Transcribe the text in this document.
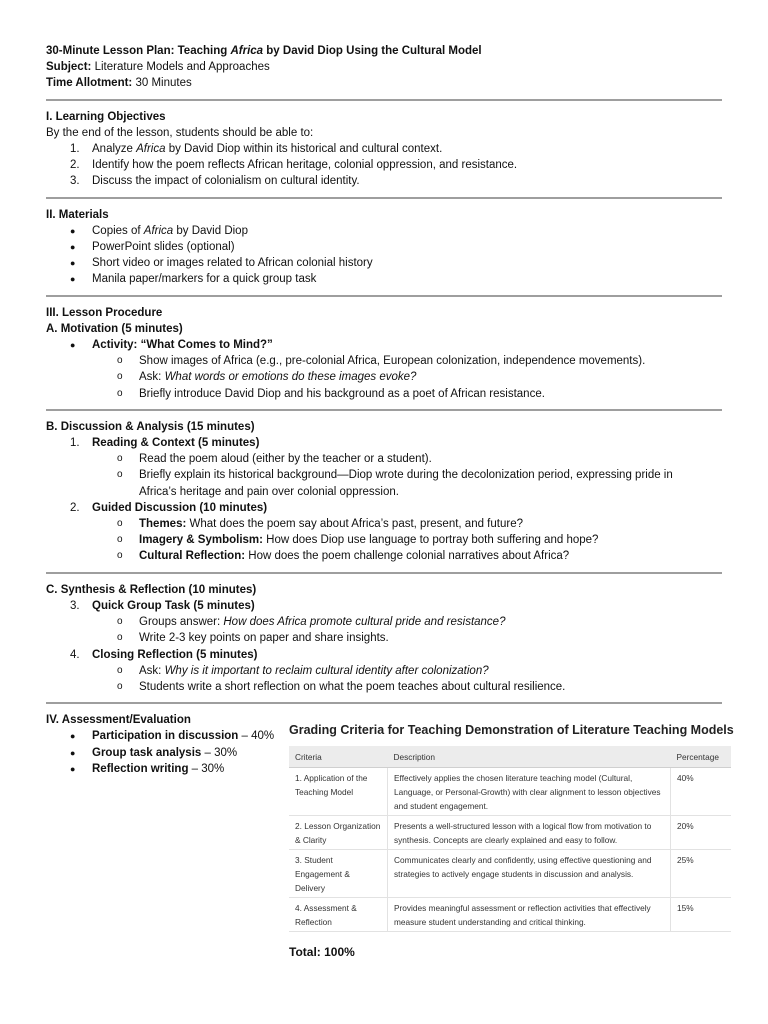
30-Minute Lesson Plan: Teaching Africa by David Diop Using the Cultural Model
Subject: Literature Models and Approaches
Time Allotment: 30 Minutes
I. Learning Objectives
By the end of the lesson, students should be able to:
1.	Analyze Africa by David Diop within its historical and cultural context.
2.	Identify how the poem reflects African heritage, colonial oppression, and resistance.
3.	Discuss the impact of colonialism on cultural identity.
II. Materials
●	Copies of Africa by David Diop
●	PowerPoint slides (optional)
●	Short video or images related to African colonial history
●	Manila paper/markers for a quick group task
III. Lesson Procedure
A. Motivation (5 minutes)
●	Activity: “What Comes to Mind?”
o	Show images of Africa (e.g., pre-colonial Africa, European colonization, independence movements).
o	Ask: What words or emotions do these images evoke?
o	Briefly introduce David Diop and his background as a poet of African resistance.
B. Discussion & Analysis (15 minutes)
1.	Reading & Context (5 minutes)
o	Read the poem aloud (either by the teacher or a student).
o	Briefly explain its historical background—Diop wrote during the decolonization period, expressing pride in Africa’s heritage and pain over colonial oppression.
2.	Guided Discussion (10 minutes)
o	Themes: What does the poem say about Africa’s past, present, and future?
o	Imagery & Symbolism: How does Diop use language to portray both suffering and hope?
o	Cultural Reflection: How does the poem challenge colonial narratives about Africa?
C. Synthesis & Reflection (10 minutes)
3.	Quick Group Task (5 minutes)
o	Groups answer: How does Africa promote cultural pride and resistance?
o	Write 2-3 key points on paper and share insights.
4.	Closing Reflection (5 minutes)
o	Ask: Why is it important to reclaim cultural identity after colonization?
o	Students write a short reflection on what the poem teaches about cultural resilience.
IV. Assessment/Evaluation
●	Participation in discussion – 40%
●	Group task analysis – 30%
●	Reflection writing – 30%
Grading Criteria for Teaching Demonstration of Literature Teaching Models
Criteria	Description	Percentage
1. Application of the Teaching Model	Effectively applies the chosen literature teaching model (Cultural, Language, or Personal-Growth) with clear alignment to lesson objectives and student engagement.	40%
2. Lesson Organization & Clarity	Presents a well-structured lesson with a logical flow from motivation to synthesis. Concepts are clearly explained and easy to follow.	20%
3. Student Engagement & Delivery	Communicates clearly and confidently, using effective questioning and strategies to actively engage students in discussion and analysis.	25%
4. Assessment & Reflection	Provides meaningful assessment or reflection activities that effectively measure student understanding and critical thinking.	15%
Total: 100%
